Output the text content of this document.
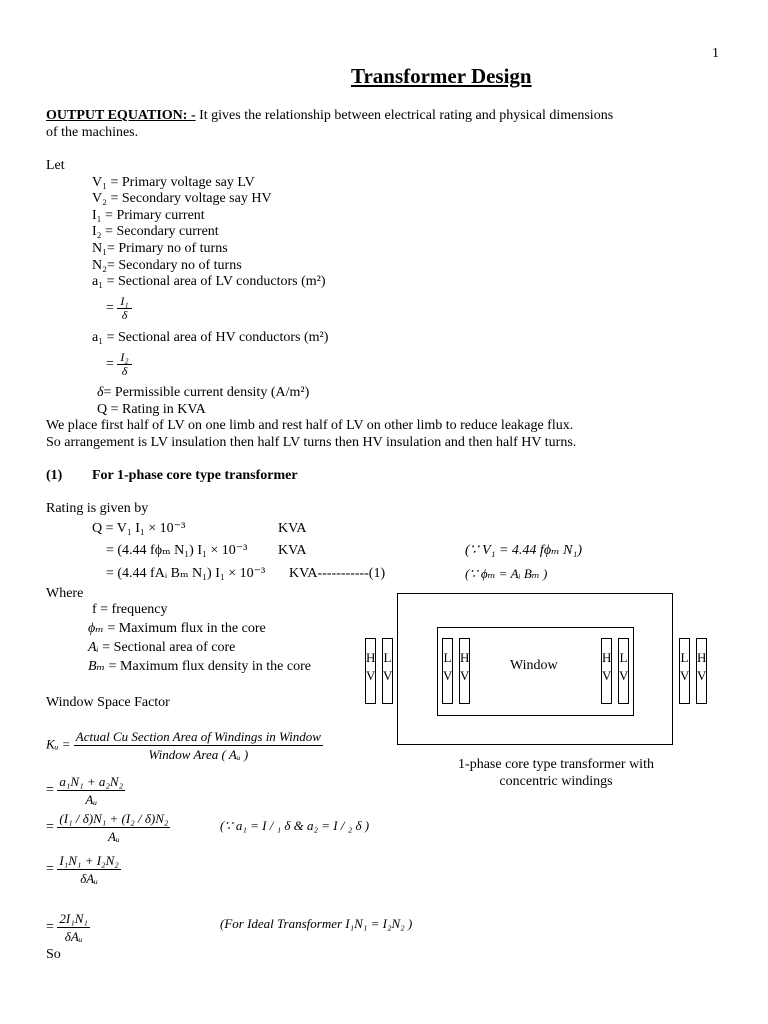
1
Transformer Design
OUTPUT EQUATION: - It gives the relationship between electrical rating and physical dimensions
of the machines.
Let
V₁ = Primary voltage say LV
V₂ = Secondary voltage say HV
I₁ = Primary current
I₂ = Secondary current
N₁= Primary no of turns
N₂= Secondary no of turns
a₁ = Sectional area of LV conductors (m²)
= $\frac{\text{I₁}}{\delta}$
a₁ = Sectional area of HV conductors (m²)
= $\frac{\text{I₂}}{\delta}$
δ= Permissible current density (A/m²)
Q = Rating in KVA
We place first half of LV on one limb and rest half of LV on other limb to reduce leakage flux.
So arrangement is LV insulation then half LV turns then HV insulation and then half HV turns.
(1) For 1-phase core type transformer
Rating is given by
Q = V₁ I₁ × 10⁻³	KVA
= (4.44 fϕₘ N₁) I₁ × 10⁻³ KVA	(∵ V₁ = 4.44 fϕₘ N₁)
= (4.44 fAᵢ Bₘ N₁) I₁ × 10⁻³ KVA-----------(1)	(∵ ϕₘ = Aᵢ Bₘ )
Where
f = frequency
ϕₘ = Maximum flux in the core
Aᵢ = Sectional area of core
Bₘ = Maximum flux density in the core
Window Space Factor
Kᵤ = Actual Cu Section Area of Windings in Window
Window Area ( Aᵤ )
= $\frac{\text{a₁N₁ + a₂N₂}}{\text{Aᵤ}}$
= $\frac{\text{(I₁ / δ)N₁ + (I₂ / δ)N₂}}{\text{Aᵤ}}$	(∵ a₁ = I / ₁ δ & a₂ = I / ₂ δ )
=
I₁N₁ + I₂N₂
δAᵤ
=
2I₁N₁
δAᵤ
(For Ideal Transformer I₁N₁ = I₂N₂ )
So
Window
H
V
L
V
L
V
H
V
H
V
L
V
L
V
H
V
1-phase core type transformer with
concentric windings
